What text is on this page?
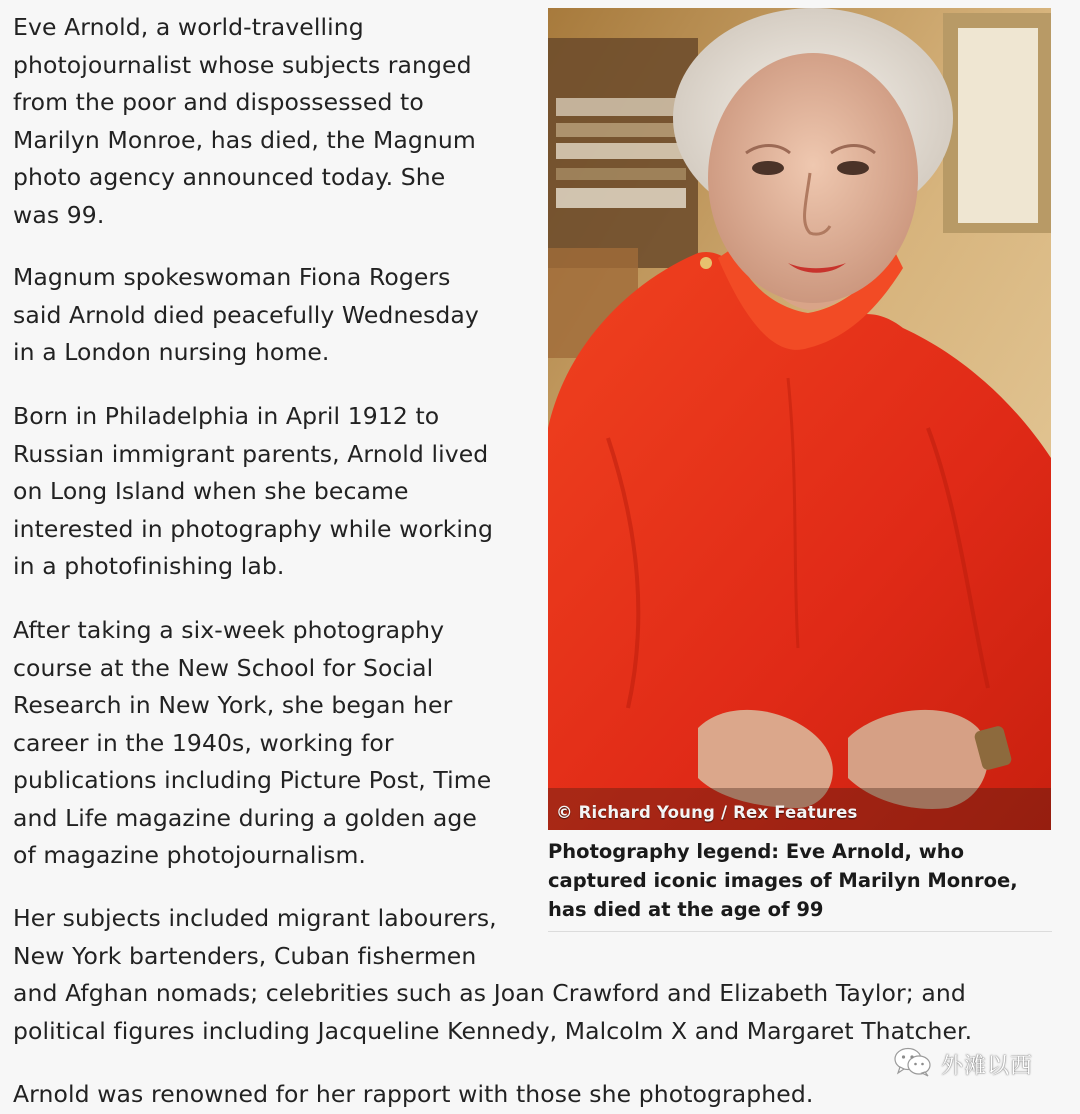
Eve Arnold, a world-travelling
photojournalist whose subjects ranged
from the poor and dispossessed to
Marilyn Monroe, has died, the Magnum
photo agency announced today. She
was 99.

Magnum spokeswoman Fiona Rogers
said Arnold died peacefully Wednesday
in a London nursing home.

Born in Philadelphia in April 1912 to
Russian immigrant parents, Arnold lived
on Long Island when she became
interested in photography while working
in a photofinishing lab.

After taking a six-week photography
course at the New School for Social
Research in New York, she began her
career in the 1940s, working for
publications including Picture Post, Time
and Life magazine during a golden age
of magazine photojournalism.

Her subjects included migrant labourers,
New York bartenders, Cuban fishermen
and Afghan nomads; celebrities such as Joan Crawford and Elizabeth Taylor; and
political figures including Jacqueline Kennedy, Malcolm X and Margaret Thatcher.

Arnold was renowned for her rapport with those she photographed.

© Richard Young / Rex Features

Photography legend: Eve Arnold, who
captured iconic images of Marilyn Monroe,
has died at the age of 99

外滩以西
